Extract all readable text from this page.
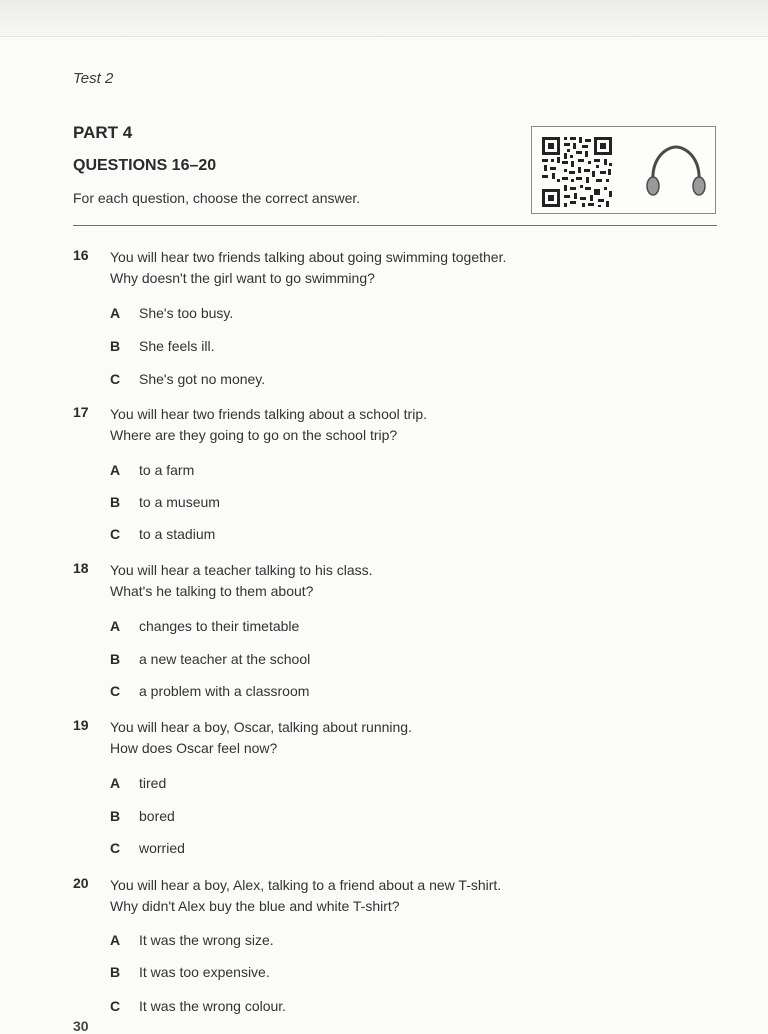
Test 2
PART 4
QUESTIONS 16–20
For each question, choose the correct answer.
16	You will hear two friends talking about going swimming together.
Why doesn't the girl want to go swimming?
A She's too busy.
B She feels ill.
C She's got no money.
17	You will hear two friends talking about a school trip.
Where are they going to go on the school trip?
A to a farm
B to a museum
C to a stadium
18	You will hear a teacher talking to his class.
What's he talking to them about?
A changes to their timetable
B a new teacher at the school
C a problem with a classroom
19	You will hear a boy, Oscar, talking about running.
How does Oscar feel now?
A tired
B bored
C worried
20	You will hear a boy, Alex, talking to a friend about a new T-shirt.
Why didn't Alex buy the blue and white T-shirt?
A It was the wrong size.
B It was too expensive.
C It was the wrong colour.
30
